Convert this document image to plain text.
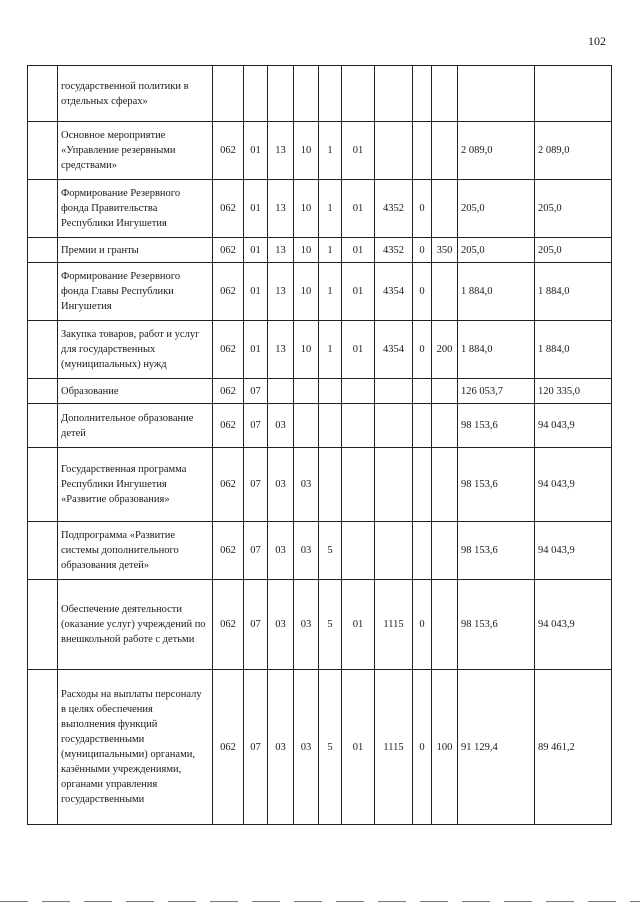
102
	государственной политики в отдельных сферах»											
	Основное мероприятие «Управление резервными средствами»	062	01	13	10	1	01				2 089,0	2 089,0
	Формирование Резервного фонда Правительства Республики Ингушетия	062	01	13	10	1	01	4352	0		205,0	205,0
	Премии и гранты	062	01	13	10	1	01	4352	0	350	205,0	205,0
	Формирование Резервного фонда Главы Республики Ингушетия	062	01	13	10	1	01	4354	0		1 884,0	1 884,0
	Закупка товаров, работ и услуг для государственных (муниципальных) нужд	062	01	13	10	1	01	4354	0	200	1 884,0	1 884,0
	Образование	062	07								126 053,7	120 335,0
	Дополнительное образование детей	062	07	03							98 153,6	94 043,9
	Государственная программа Республики Ингушетия «Развитие образования»	062	07	03	03						98 153,6	94 043,9
	Подпрограмма «Развитие системы дополнительного образования детей»	062	07	03	03	5					98 153,6	94 043,9
	Обеспечение деятельности (оказание услуг) учреждений по внешкольной работе с детьми	062	07	03	03	5	01	1115	0		98 153,6	94 043,9
	Расходы на выплаты персоналу в целях обеспечения выполнения функций государственными (муниципальными) органами, казёнными учреждениями, органами управления государственными	062	07	03	03	5	01	1115	0	100	91 129,4	89 461,2
